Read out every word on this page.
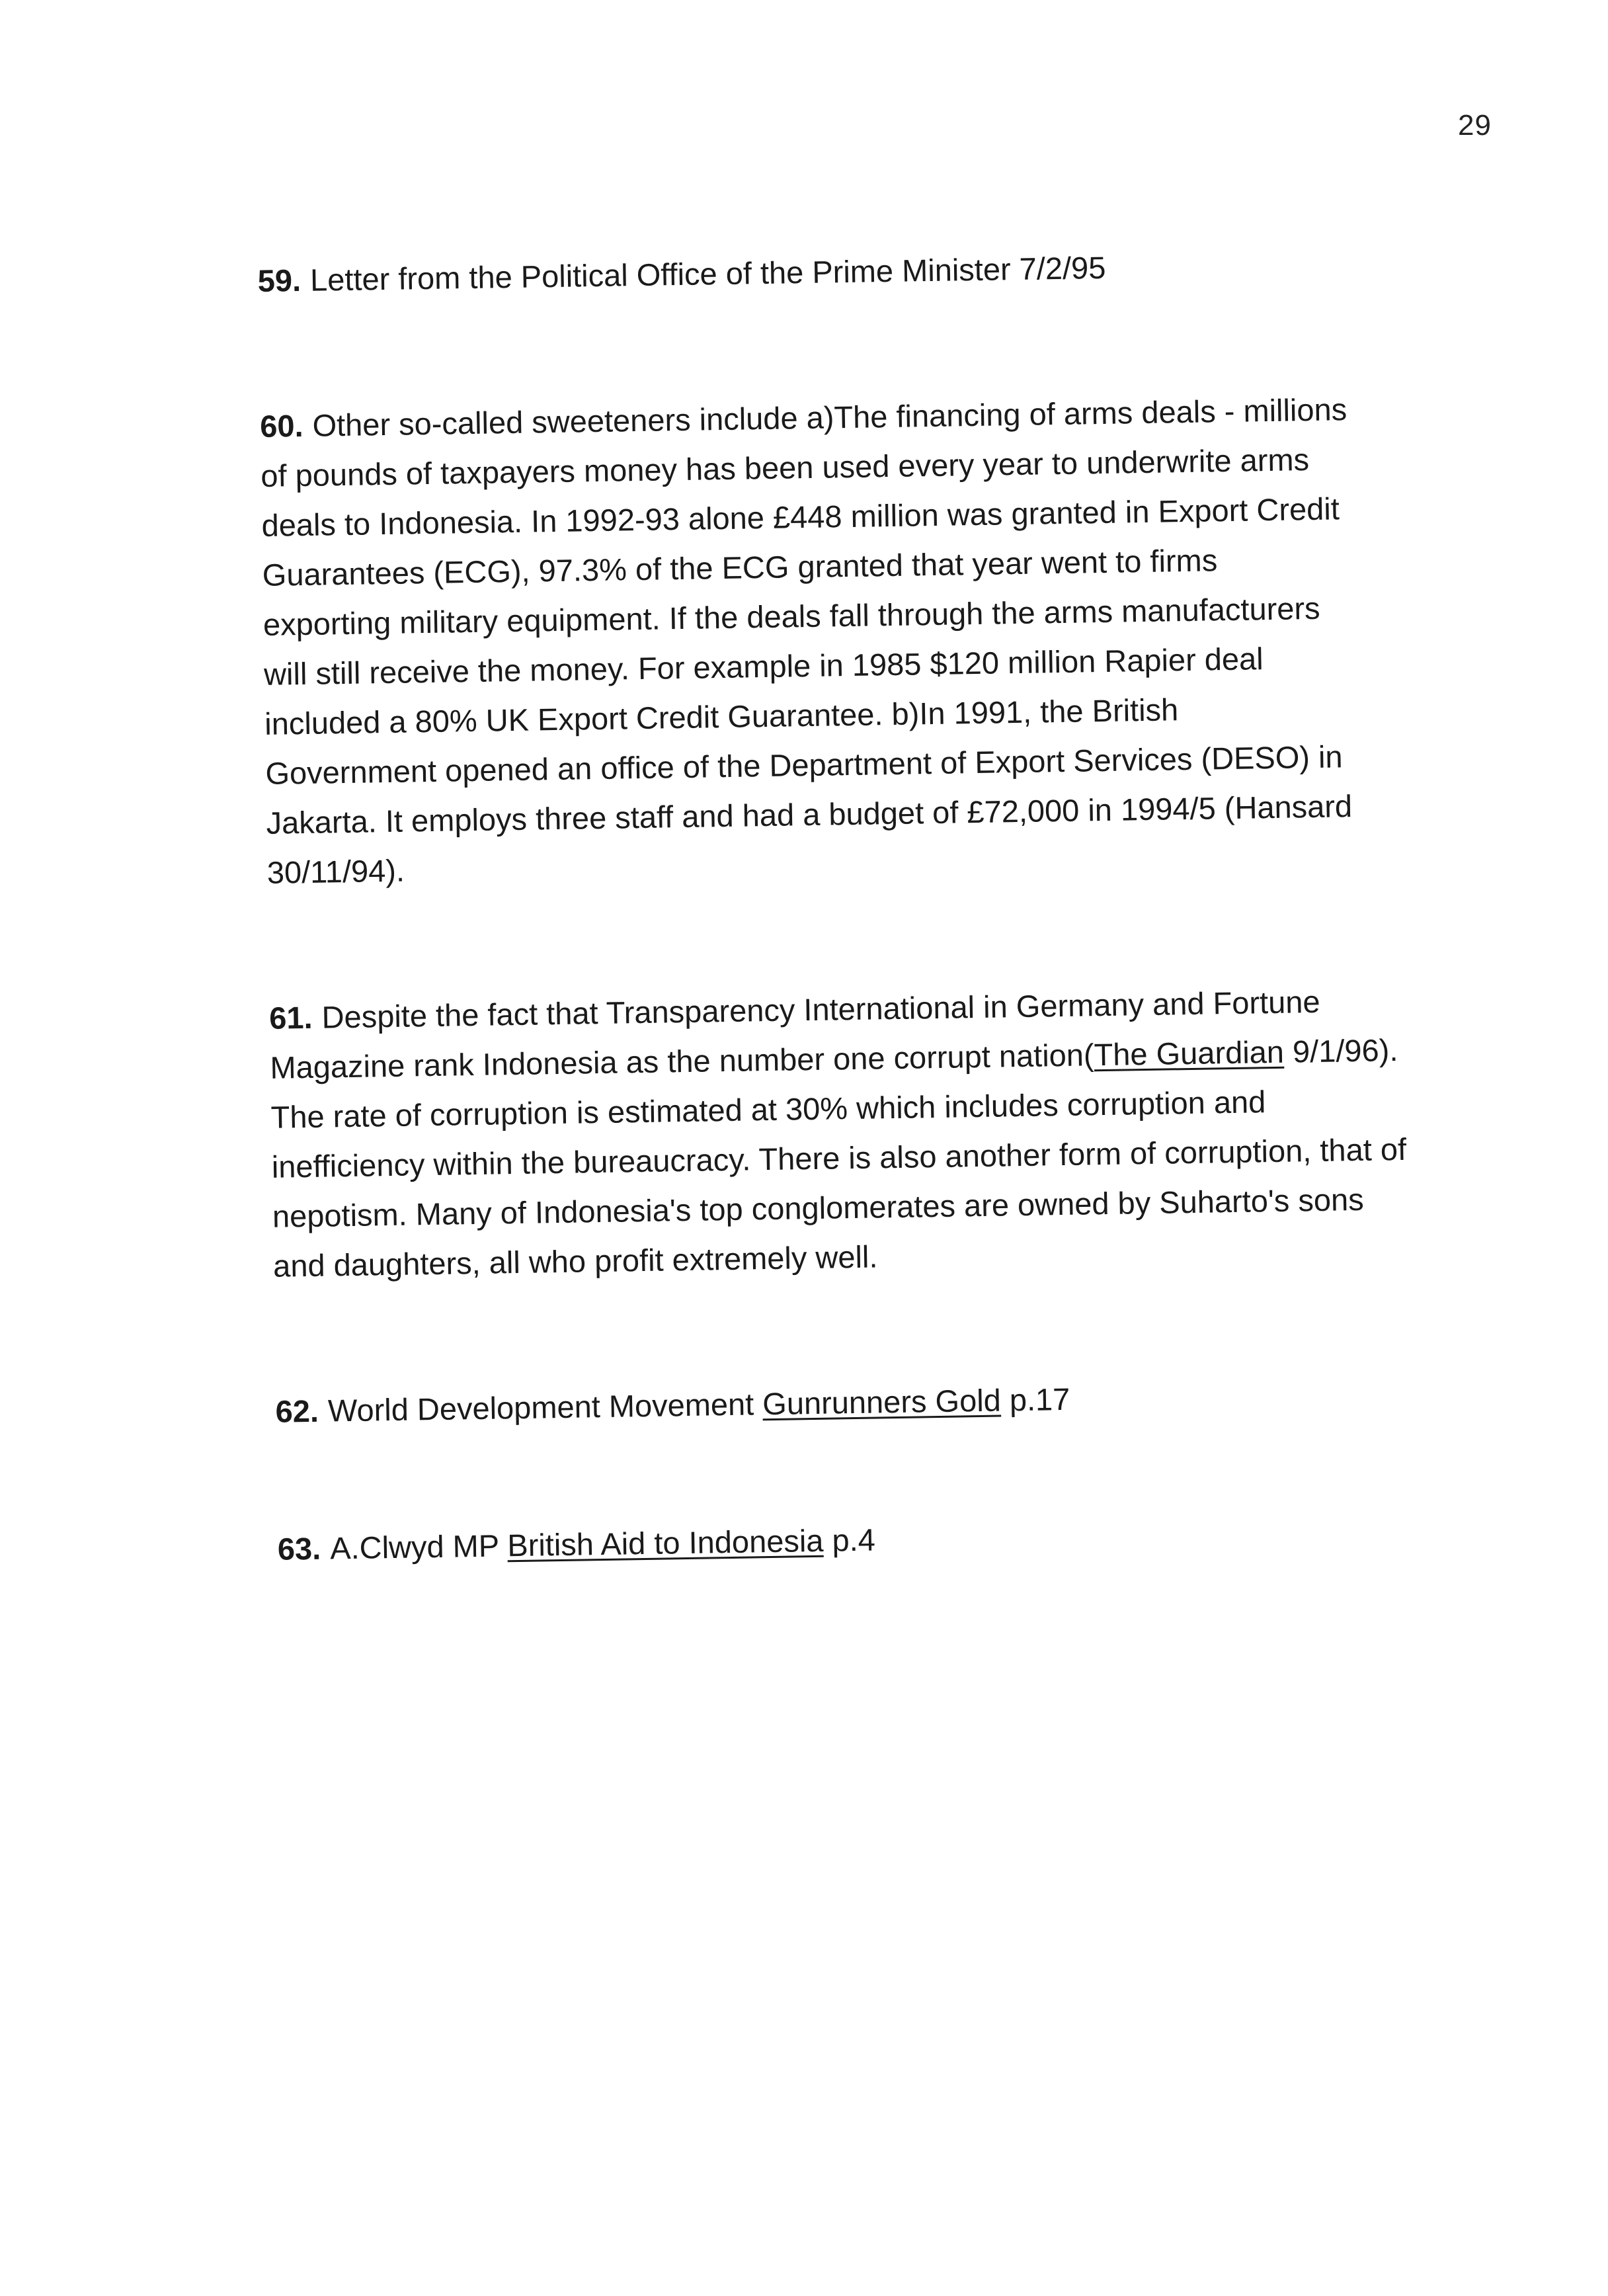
29

59. Letter from the Political Office of the Prime Minister 7/2/95

60. Other so-called sweeteners include a)The financing of arms deals - millions of pounds of taxpayers money has been used every year to underwrite arms deals to Indonesia. In 1992-93 alone £448 million was granted in Export Credit Guarantees (ECG), 97.3% of the ECG granted that year went to firms exporting military equipment. If the deals fall through the arms manufacturers will still receive the money. For example in 1985 $120 million Rapier deal included a 80% UK Export Credit Guarantee. b)In 1991, the British Government opened an office of the Department of Export Services (DESO) in Jakarta. It employs three staff and had a budget of £72,000 in 1994/5 (Hansard 30/11/94).

61. Despite the fact that Transparency International in Germany and Fortune Magazine rank Indonesia as the number one corrupt nation(The Guardian 9/1/96). The rate of corruption is estimated at 30% which includes corruption and inefficiency within the bureaucracy. There is also another form of corruption, that of nepotism. Many of Indonesia's top conglomerates are owned by Suharto's sons and daughters, all who profit extremely well.

62. World Development Movement Gunrunners Gold p.17

63. A.Clwyd MP British Aid to Indonesia p.4
